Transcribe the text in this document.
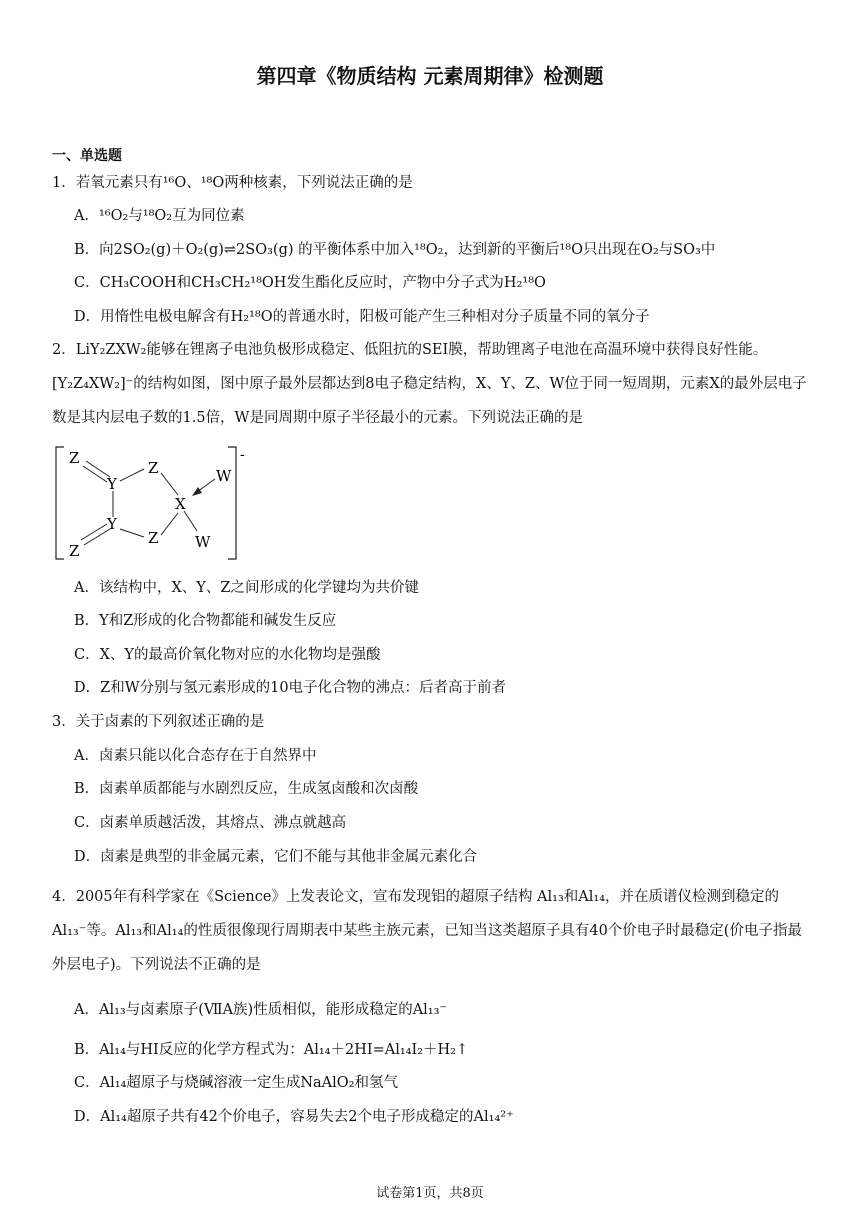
第四章《物质结构 元素周期律》检测题
一、单选题
1．若氧元素只有¹⁶O、¹⁸O两种核素，下列说法正确的是
A．¹⁶O₂与¹⁸O₂互为同位素
B．向2SO₂(g)＋O₂(g)⇌2SO₃(g) 的平衡体系中加入¹⁸O₂，达到新的平衡后¹⁸O只出现在O₂与SO₃中
C．CH₃COOH和CH₃CH₂¹⁸OH发生酯化反应时，产物中分子式为H₂¹⁸O
D．用惰性电极电解含有H₂¹⁸O的普通水时，阳极可能产生三种相对分子质量不同的氧分子
2．LiY₂ZXW₂能够在锂离子电池负极形成稳定、低阻抗的SEI膜，帮助锂离子电池在高温环境中获得良好性能。[Y₂Z₄XW₂]⁻的结构如图，图中原子最外层都达到8电子稳定结构，X、Y、Z、W位于同一短周期，元素X的最外层电子数是其内层电子数的1.5倍，W是同周期中原子半径最小的元素。下列说法正确的是
-
Z
Y
Z	W
X
Y
Z W
Z
A．该结构中，X、Y、Z之间形成的化学键均为共价键
B．Y和Z形成的化合物都能和碱发生反应
C．X、Y的最高价氧化物对应的水化物均是强酸
D．Z和W分别与氢元素形成的10电子化合物的沸点：后者高于前者
3．关于卤素的下列叙述正确的是
A．卤素只能以化合态存在于自然界中
B．卤素单质都能与水剧烈反应，生成氢卤酸和次卤酸
C．卤素单质越活泼，其熔点、沸点就越高
D．卤素是典型的非金属元素，它们不能与其他非金属元素化合
4．2005年有科学家在《Science》上发表论文，宣布发现铝的超原子结构 Al₁₃和Al₁₄，并在质谱仪检测到稳定的Al₁₃⁻等。Al₁₃和Al₁₄的性质很像现行周期表中某些主族元素，已知当这类超原子具有40个价电子时最稳定(价电子指最外层电子)。下列说法不正确的是
A．Al₁₃与卤素原子(ⅦA族)性质相似，能形成稳定的Al₁₃⁻
B．Al₁₄与HI反应的化学方程式为：Al₁₄＋2HI=Al₁₄I₂＋H₂↑
C．Al₁₄超原子与烧碱溶液一定生成NaAlO₂和氢气
D．Al₁₄超原子共有42个价电子，容易失去2个电子形成稳定的Al₁₄²⁺
试卷第1页，共8页
